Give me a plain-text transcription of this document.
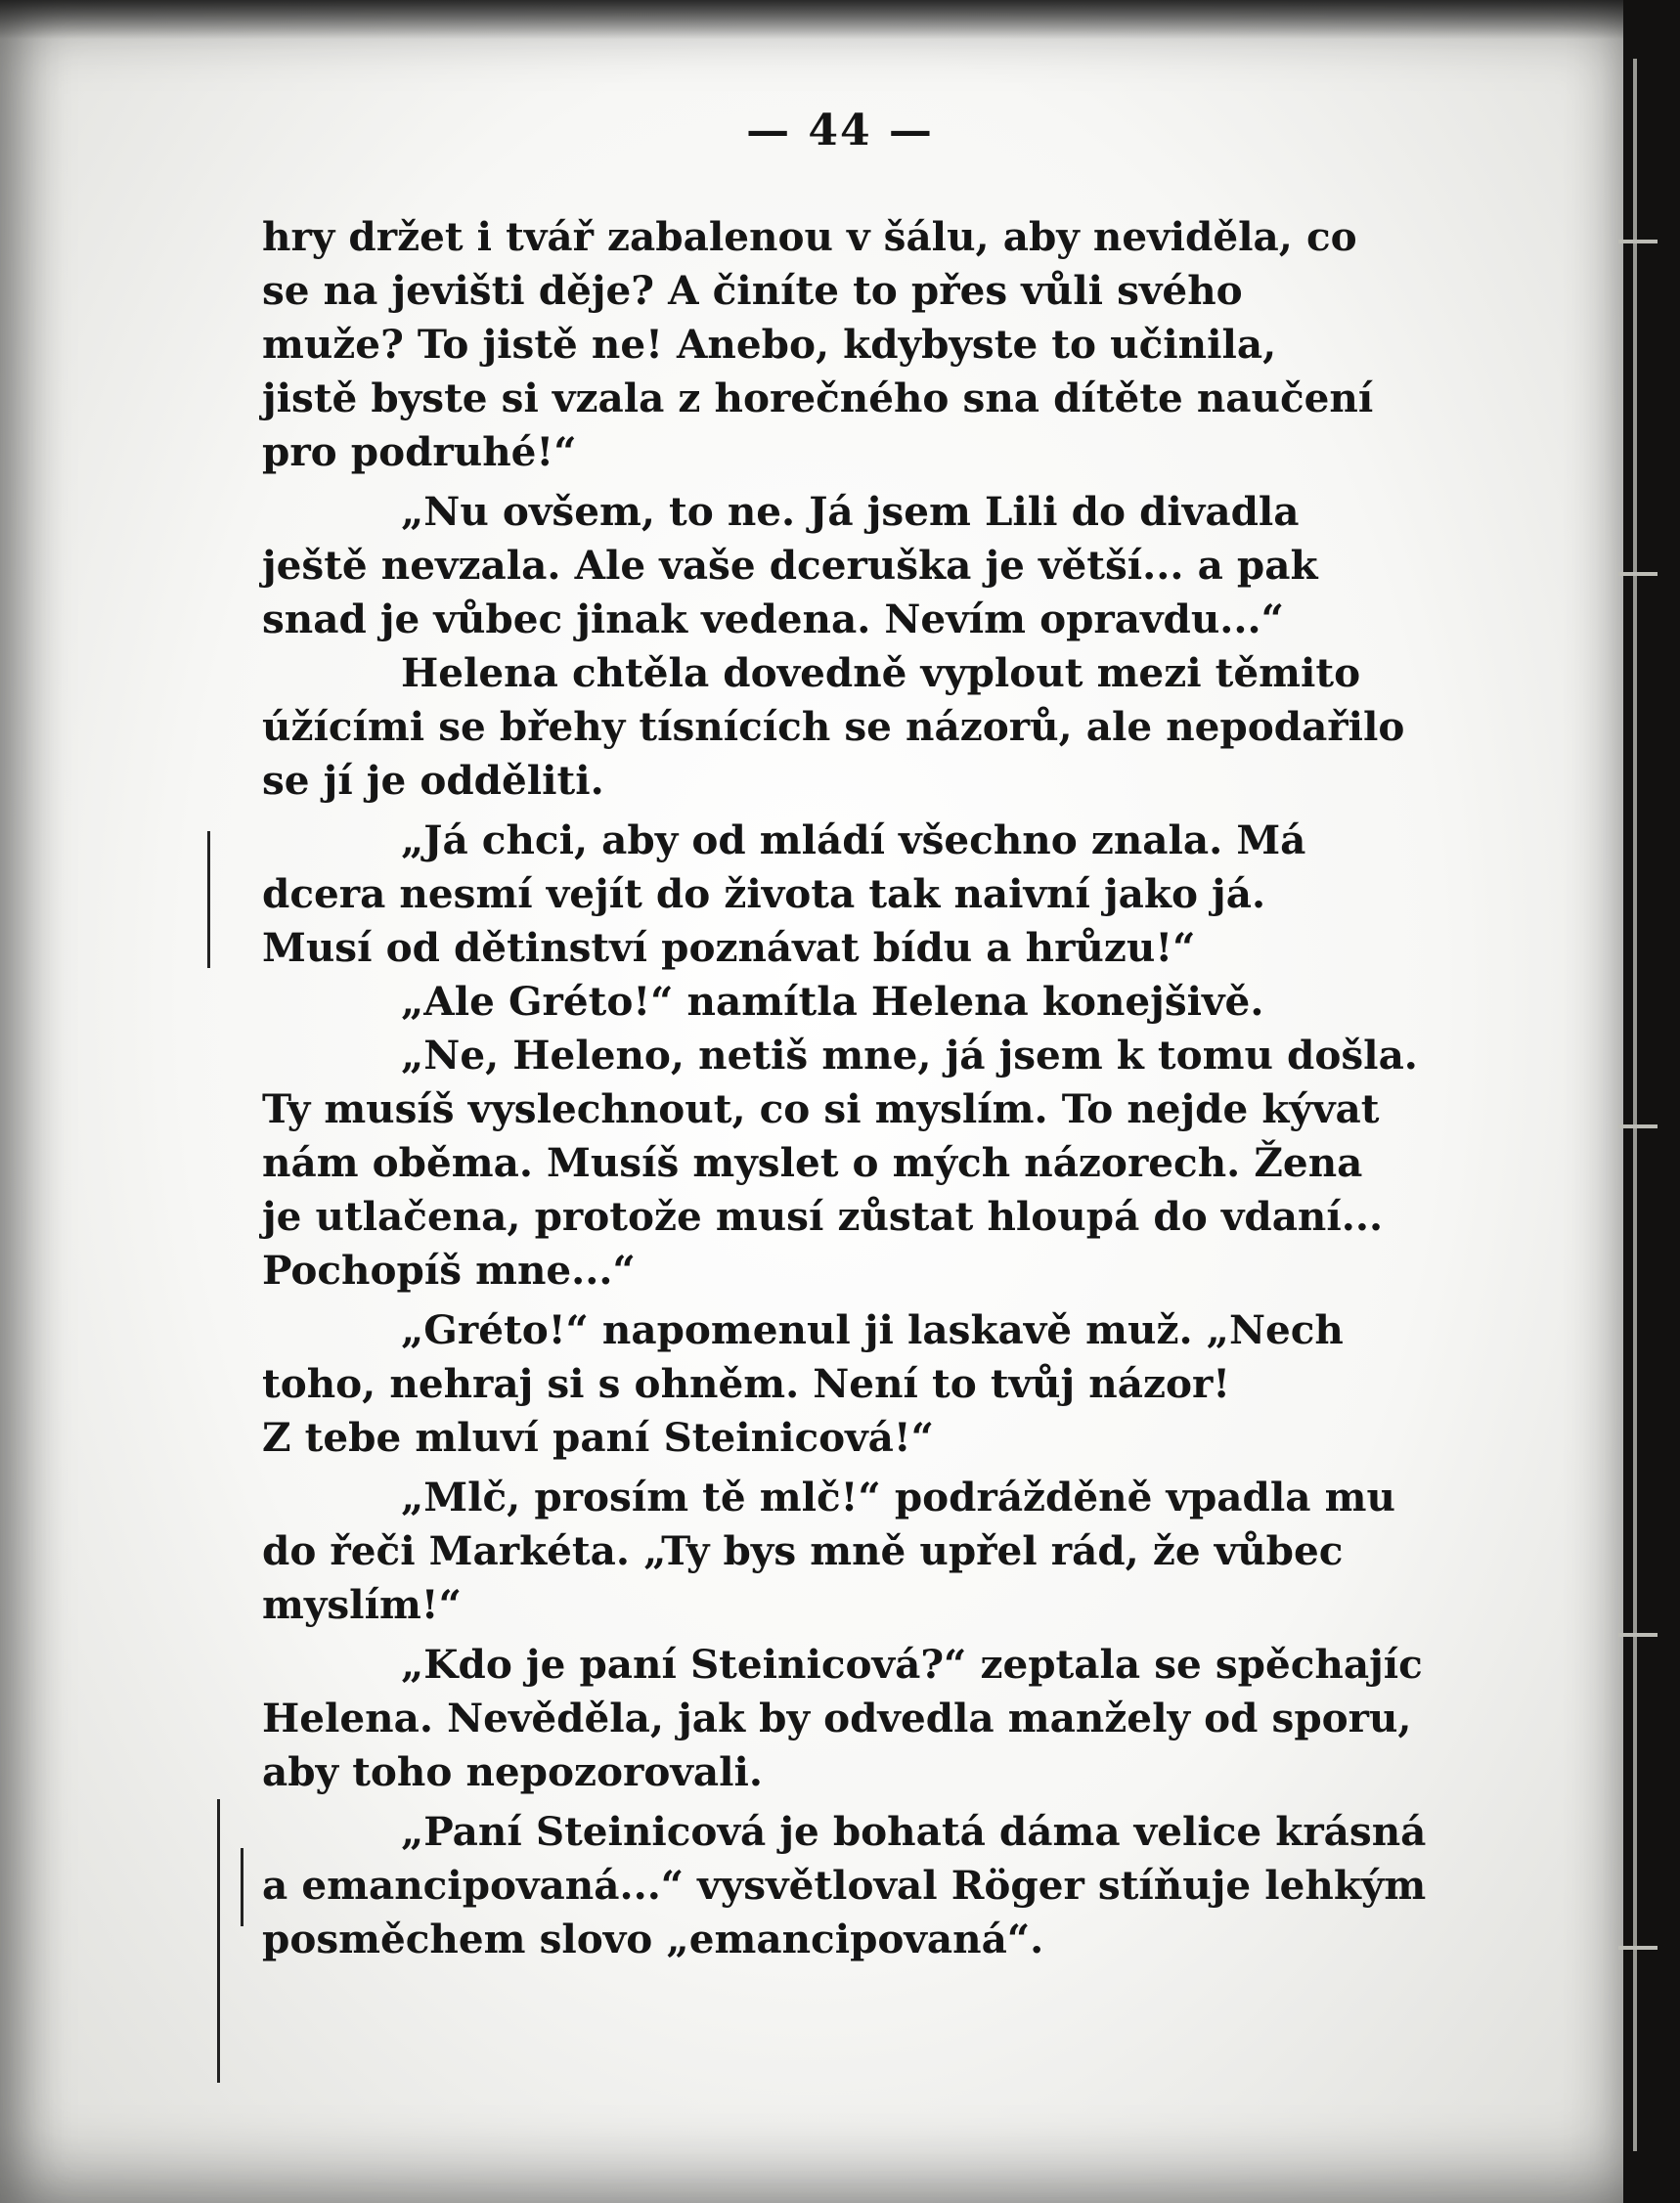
— 44 —

hry držet i tvář zabalenou v šálu, aby neviděla, co
se na jevišti děje? A činíte to přes vůli svého
muže? To jistě ne! Anebo, kdybyste to učinila,
jistě byste si vzala z horečného sna dítěte naučení
pro podruhé!“

„Nu ovšem, to ne. Já jsem Lili do divadla
ještě nevzala. Ale vaše dceruška je větší... a pak
snad je vůbec jinak vedena. Nevím opravdu...“

Helena chtěla dovedně vyplout mezi těmito
úžícími se břehy tísnících se názorů, ale nepodařilo
se jí je odděliti.

„Já chci, aby od mládí všechno znala. Má
dcera nesmí vejít do života tak naivní jako já.
Musí od dětinství poznávat bídu a hrůzu!“

„Ale Gréto!“ namítla Helena konejšivě.

„Ne, Heleno, netiš mne, já jsem k tomu došla.
Ty musíš vyslechnout, co si myslím. To nejde kývat
nám oběma. Musíš myslet o mých názorech. Žena
je utlačena, protože musí zůstat hloupá do vdaní...
Pochopíš mne...“

„Gréto!“ napomenul ji laskavě muž. „Nech
toho, nehraj si s ohněm. Není to tvůj názor!
Z tebe mluví paní Steinicová!“

„Mlč, prosím tě mlč!“ podrážděně vpadla mu
do řeči Markéta. „Ty bys mně upřel rád, že vůbec
myslím!“

„Kdo je paní Steinicová?“ zeptala se spěchajíc
Helena. Nevěděla, jak by odvedla manžely od sporu,
aby toho nepozorovali.

„Paní Steinicová je bohatá dáma velice krásná
a emancipovaná...“ vysvětloval Röger stíňuje lehkým
posměchem slovo „emancipovaná“.
